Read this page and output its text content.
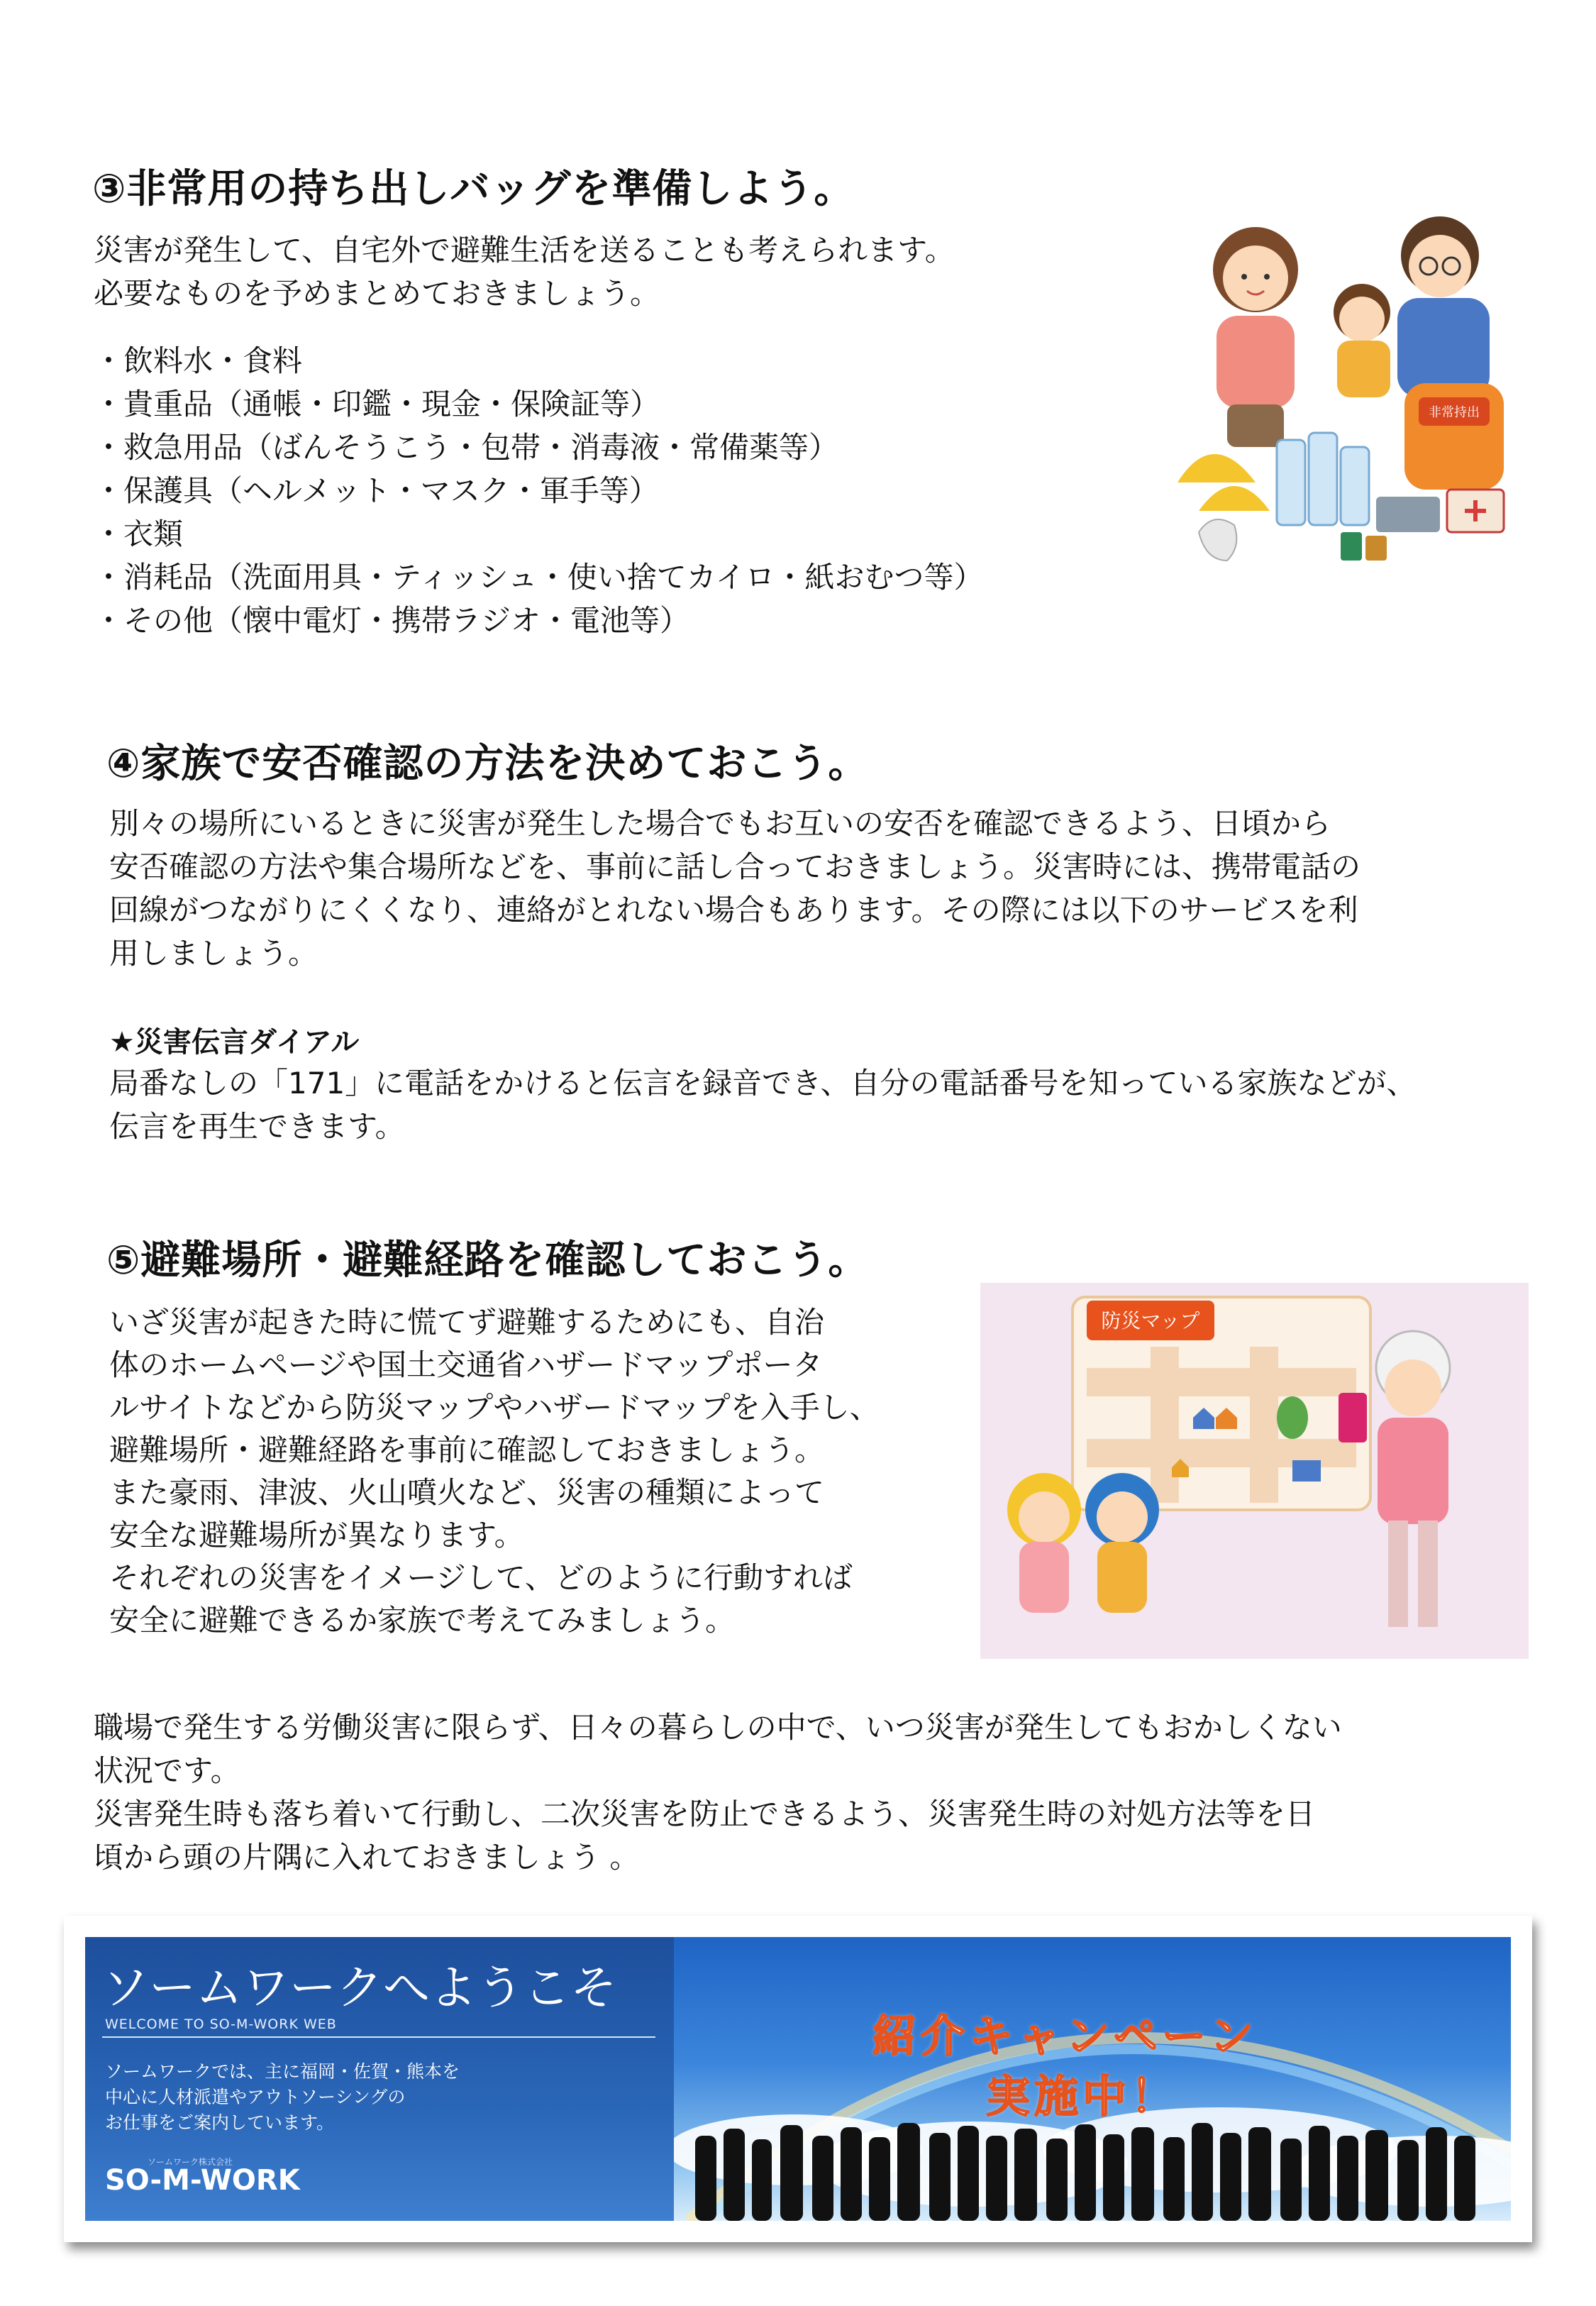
③非常用の持ち出しバッグを準備しよう。
災害が発生して、自宅外で避難生活を送ることも考えられます。
必要なものを予めまとめておきましょう。
・飲料水・食料
・貴重品（通帳・印鑑・現金・保険証等）
・救急用品（ばんそうこう・包帯・消毒液・常備薬等）
・保護具（ヘルメット・マスク・軍手等）
・衣類
・消耗品（洗面用具・ティッシュ・使い捨てカイロ・紙おむつ等）
・その他（懐中電灯・携帯ラジオ・電池等）
非常持出
④家族で安否確認の方法を決めておこう。
別々の場所にいるときに災害が発生した場合でもお互いの安否を確認できるよう、日頃から
安否確認の方法や集合場所などを、事前に話し合っておきましょう。災害時には、携帯電話の
回線がつながりにくくなり、連絡がとれない場合もあります。その際には以下のサービスを利
用しましょう。
★災害伝言ダイアル
局番なしの「171」に電話をかけると伝言を録音でき、自分の電話番号を知っている家族などが、
伝言を再生できます。
⑤避難場所・避難経路を確認しておこう。
いざ災害が起きた時に慌てず避難するためにも、自治
体のホームページや国土交通省ハザードマップポータ
ルサイトなどから防災マップやハザードマップを入手し、
避難場所・避難経路を事前に確認しておきましょう。
また豪雨、津波、火山噴火など、災害の種類によって
安全な避難場所が異なります。
それぞれの災害をイメージして、どのように行動すれば
安全に避難できるか家族で考えてみましょう。
防災マップ
職場で発生する労働災害に限らず、日々の暮らしの中で、いつ災害が発生してもおかしくない
状況です。
災害発生時も落ち着いて行動し、二次災害を防止できるよう、災害発生時の対処方法等を日
頃から頭の片隅に入れておきましょう 。
ソームワークへようこそ
WELCOME TO SO-M-WORK WEB
ソームワークでは、主に福岡・佐賀・熊本を
中心に人材派遣やアウトソーシングの
お仕事をご案内しています。
ソームワーク株式会社
SO-M-WORK
紹介キャンペーン
実施中！
